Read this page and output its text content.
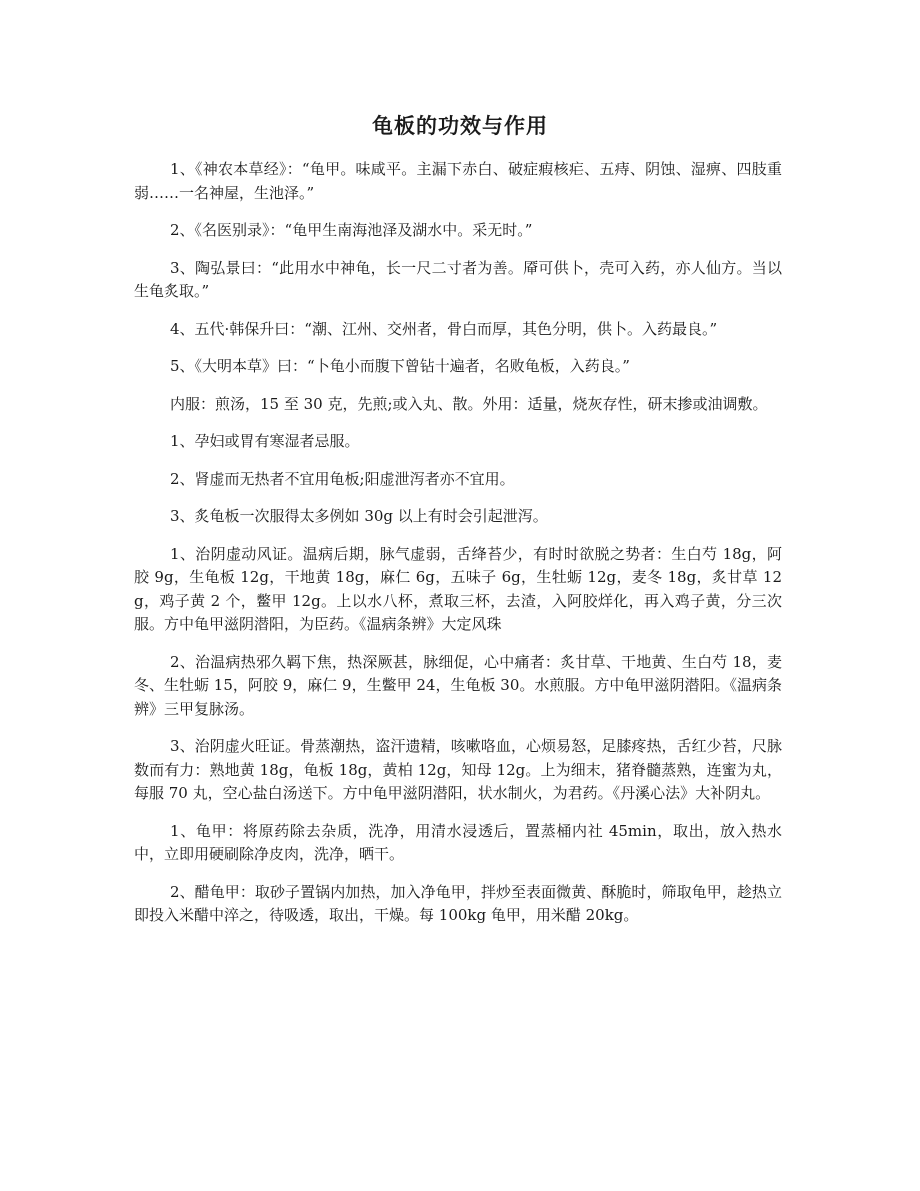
龟板的功效与作用

1、《神农本草经》：“龟甲。味咸平。主漏下赤白、破症瘕核疟、五痔、阴蚀、湿痹、四肢重弱……一名神屋，生池泽。”

2、《名医别录》：“龟甲生南海池泽及湖水中。采无时。”

3、陶弘景曰：“此用水中神龟，长一尺二寸者为善。厣可供卜，壳可入药，亦人仙方。当以生龟炙取。”

4、五代·韩保升曰：“潮、江州、交州者，骨白而厚，其色分明，供卜。入药最良。”

5、《大明本草》曰：“卜龟小而腹下曾钻十遍者，名败龟板，入药良。”

内服：煎汤，15 至 30 克，先煎;或入丸、散。外用：适量，烧灰存性，研末掺或油调敷。

1、孕妇或胃有寒湿者忌服。

2、肾虚而无热者不宜用龟板;阳虚泄泻者亦不宜用。

3、炙龟板一次服得太多例如 30g 以上有时会引起泄泻。

1、治阴虚动风证。温病后期，脉气虚弱，舌绛苔少，有时时欲脱之势者：生白芍 18g，阿胶 9g，生龟板 12g，干地黄 18g，麻仁 6g，五味子 6g，生牡蛎 12g，麦冬 18g，炙甘草 12g，鸡子黄 2 个，鳖甲 12g。上以水八杯，煮取三杯，去渣，入阿胶烊化，再入鸡子黄，分三次服。方中龟甲滋阴潜阳，为臣药。《温病条辨》大定风珠

2、治温病热邪久羁下焦，热深厥甚，脉细促，心中痛者：炙甘草、干地黄、生白芍 18，麦冬、生牡蛎 15，阿胶 9，麻仁 9，生鳖甲 24，生龟板 30。水煎服。方中龟甲滋阴潜阳。《温病条辨》三甲复脉汤。

3、治阴虚火旺证。骨蒸潮热，盗汗遗精，咳嗽咯血，心烦易怒，足膝疼热，舌红少苔，尺脉数而有力：熟地黄 18g，龟板 18g，黄柏 12g，知母 12g。上为细末，猪脊髓蒸熟，连蜜为丸，每服 70 丸，空心盐白汤送下。方中龟甲滋阴潜阳，状水制火，为君药。《丹溪心法》大补阴丸。

1、龟甲：将原药除去杂质，洗净，用清水浸透后，置蒸桶内社 45min，取出，放入热水中，立即用硬刷除净皮肉，洗净，晒干。

2、醋龟甲：取砂子置锅内加热，加入净龟甲，拌炒至表面微黄、酥脆时，筛取龟甲，趁热立即投入米醋中淬之，待吸透，取出，干燥。每 100kg 龟甲，用米醋 20kg。
